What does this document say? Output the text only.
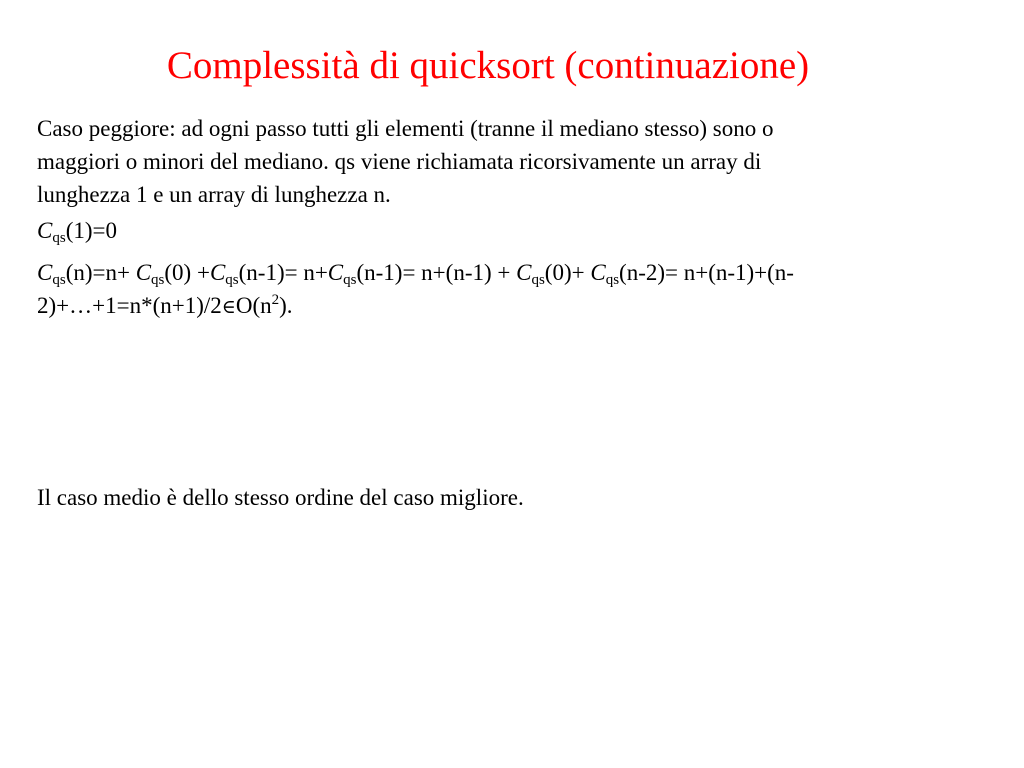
Complessità di quicksort (continuazione)

Caso peggiore: ad ogni passo tutti gli elementi (tranne il mediano stesso) sono o
maggiori o minori del mediano. qs viene richiamata ricorsivamente un array di
lunghezza 1 e un array di lunghezza n.

$C_{qs}(1)=0$

$C_{qs}(n)=n+ C_{qs}(0) +C_{qs}(n-1)= n+C_{qs}(n-1)= n+(n-1) + C_{qs}(0)+ C_{qs}(n-2)= n+(n-1)+(n-$
$2)+\dots+1=n*(n+1)/2\in O(n^2)$.

Il caso medio è dello stesso ordine del caso migliore.
